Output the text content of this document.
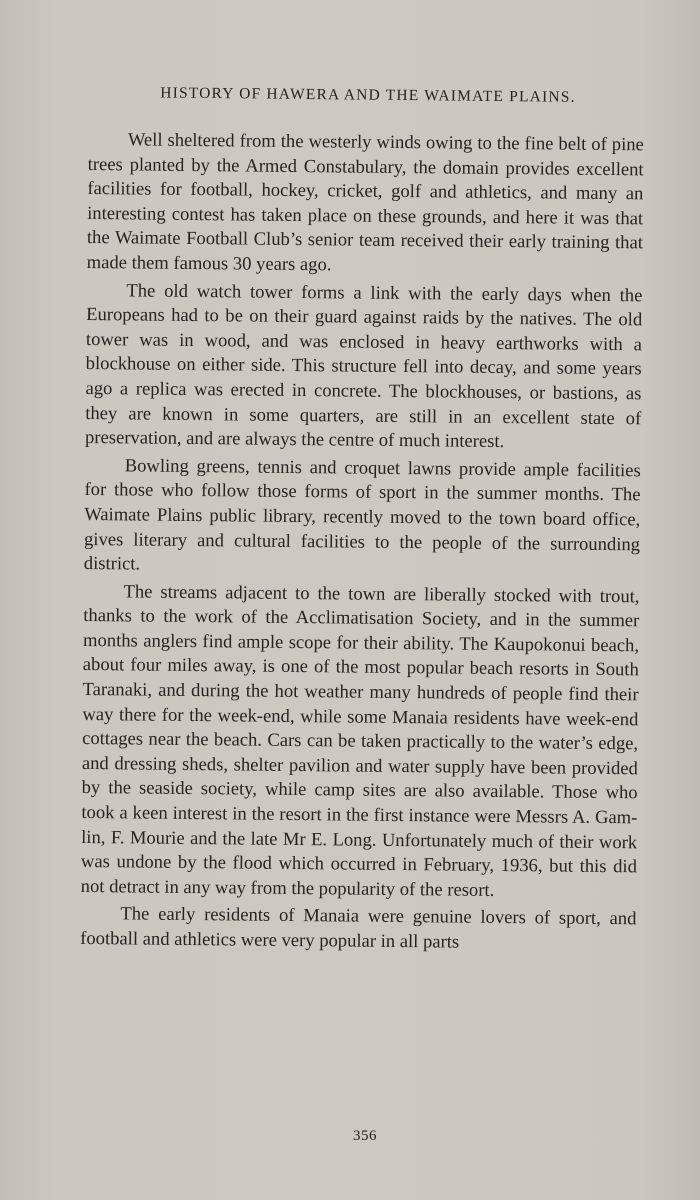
HISTORY OF HAWERA AND THE WAIMATE PLAINS.

Well sheltered from the westerly winds owing to the fine belt of pine trees planted by the Armed Constabulary, the domain provides excellent facilities for football, hockey, cricket, golf and athletics, and many an interesting contest has taken place on these grounds, and here it was that the Waimate Football Club’s senior team received their early training that made them famous 30 years ago.

The old watch tower forms a link with the early days when the Europeans had to be on their guard against raids by the natives. The old tower was in wood, and was enclosed in heavy earthworks with a blockhouse on either side. This structure fell into decay, and some years ago a replica was erected in concrete. The blockhouses, or bastions, as they are known in some quarters, are still in an excellent state of preservation, and are always the centre of much interest.

Bowling greens, tennis and croquet lawns provide ample facilities for those who follow those forms of sport in the summer months. The Waimate Plains public library, recently moved to the town board office, gives literary and cultural facilities to the people of the surrounding district.

The streams adjacent to the town are liberally stocked with trout, thanks to the work of the Acclimatisation Society, and in the summer months anglers find ample scope for their ability. The Kaupokonui beach, about four miles away, is one of the most popular beach resorts in South Taranaki, and during the hot weather many hundreds of people find their way there for the week-end, while some Manaia residents have week-end cottages near the beach. Cars can be taken practically to the water’s edge, and dressing sheds, shelter pavilion and water supply have been provided by the seaside society, while camp sites are also available. Those who took a keen interest in the resort in the first instance were Messrs A. Gamlin, F. Mourie and the late Mr E. Long. Unfortunately much of their work was undone by the flood which occurred in February, 1936, but this did not detract in any way from the popularity of the resort.

The early residents of Manaia were genuine lovers of sport, and football and athletics were very popular in all parts

356
